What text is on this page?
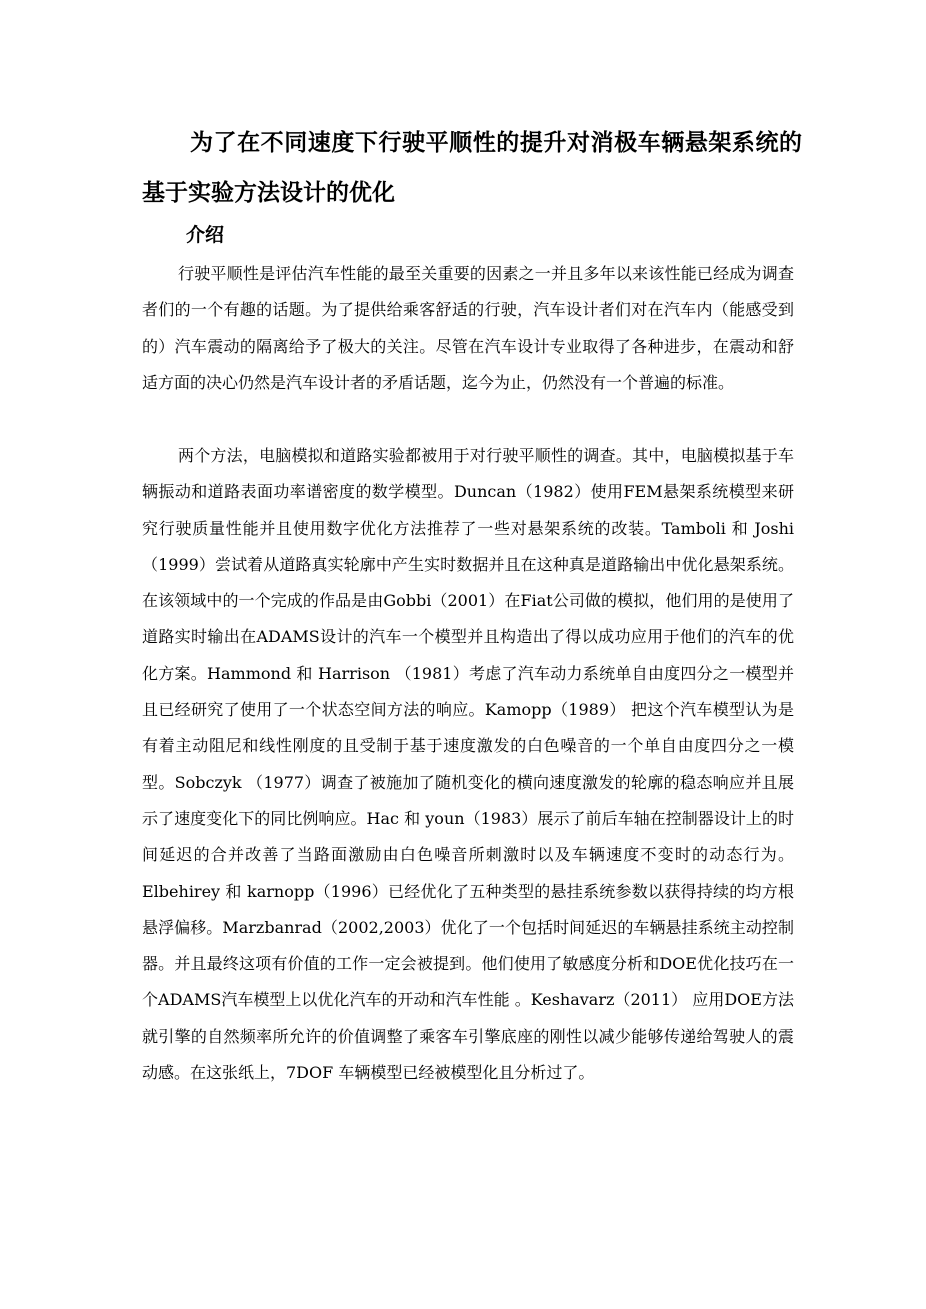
为了在不同速度下行驶平顺性的提升对消极车辆悬架系统的基于实验方法设计的优化
介绍

行驶平顺性是评估汽车性能的最至关重要的因素之一并且多年以来该性能已经成为调查者们的一个有趣的话题。为了提供给乘客舒适的行驶，汽车设计者们对在汽车内（能感受到的）汽车震动的隔离给予了极大的关注。尽管在汽车设计专业取得了各种进步，在震动和舒适方面的决心仍然是汽车设计者的矛盾话题，迄今为止，仍然没有一个普遍的标准。

两个方法，电脑模拟和道路实验都被用于对行驶平顺性的调查。其中，电脑模拟基于车辆振动和道路表面功率谱密度的数学模型。Duncan（1982）使用FEM悬架系统模型来研究行驶质量性能并且使用数字优化方法推荐了一些对悬架系统的改装。Tamboli 和 Joshi （1999）尝试着从道路真实轮廓中产生实时数据并且在这种真是道路输出中优化悬架系统。在该领域中的一个完成的作品是由Gobbi（2001）在Fiat公司做的模拟，他们用的是使用了道路实时输出在ADAMS设计的汽车一个模型并且构造出了得以成功应用于他们的汽车的优化方案。Hammond 和 Harrison （1981）考虑了汽车动力系统单自由度四分之一模型并且已经研究了使用了一个状态空间方法的响应。Kamopp（1989） 把这个汽车模型认为是有着主动阻尼和线性刚度的且受制于基于速度激发的白色噪音的一个单自由度四分之一模型。Sobczyk （1977）调查了被施加了随机变化的横向速度激发的轮廓的稳态响应并且展示了速度变化下的同比例响应。Hac 和 youn（1983）展示了前后车轴在控制器设计上的时间延迟的合并改善了当路面激励由白色噪音所刺激时以及车辆速度不变时的动态行为。Elbehirey 和 karnopp（1996）已经优化了五种类型的悬挂系统参数以获得持续的均方根悬浮偏移。Marzbanrad（2002,2003）优化了一个包括时间延迟的车辆悬挂系统主动控制器。并且最终这项有价值的工作一定会被提到。他们使用了敏感度分析和DOE优化技巧在一个ADAMS汽车模型上以优化汽车的开动和汽车性能 。Keshavarz（2011） 应用DOE方法就引擎的自然频率所允许的价值调整了乘客车引擎底座的刚性以减少能够传递给驾驶人的震动感。在这张纸上，7DOF 车辆模型已经被模型化且分析过了。
